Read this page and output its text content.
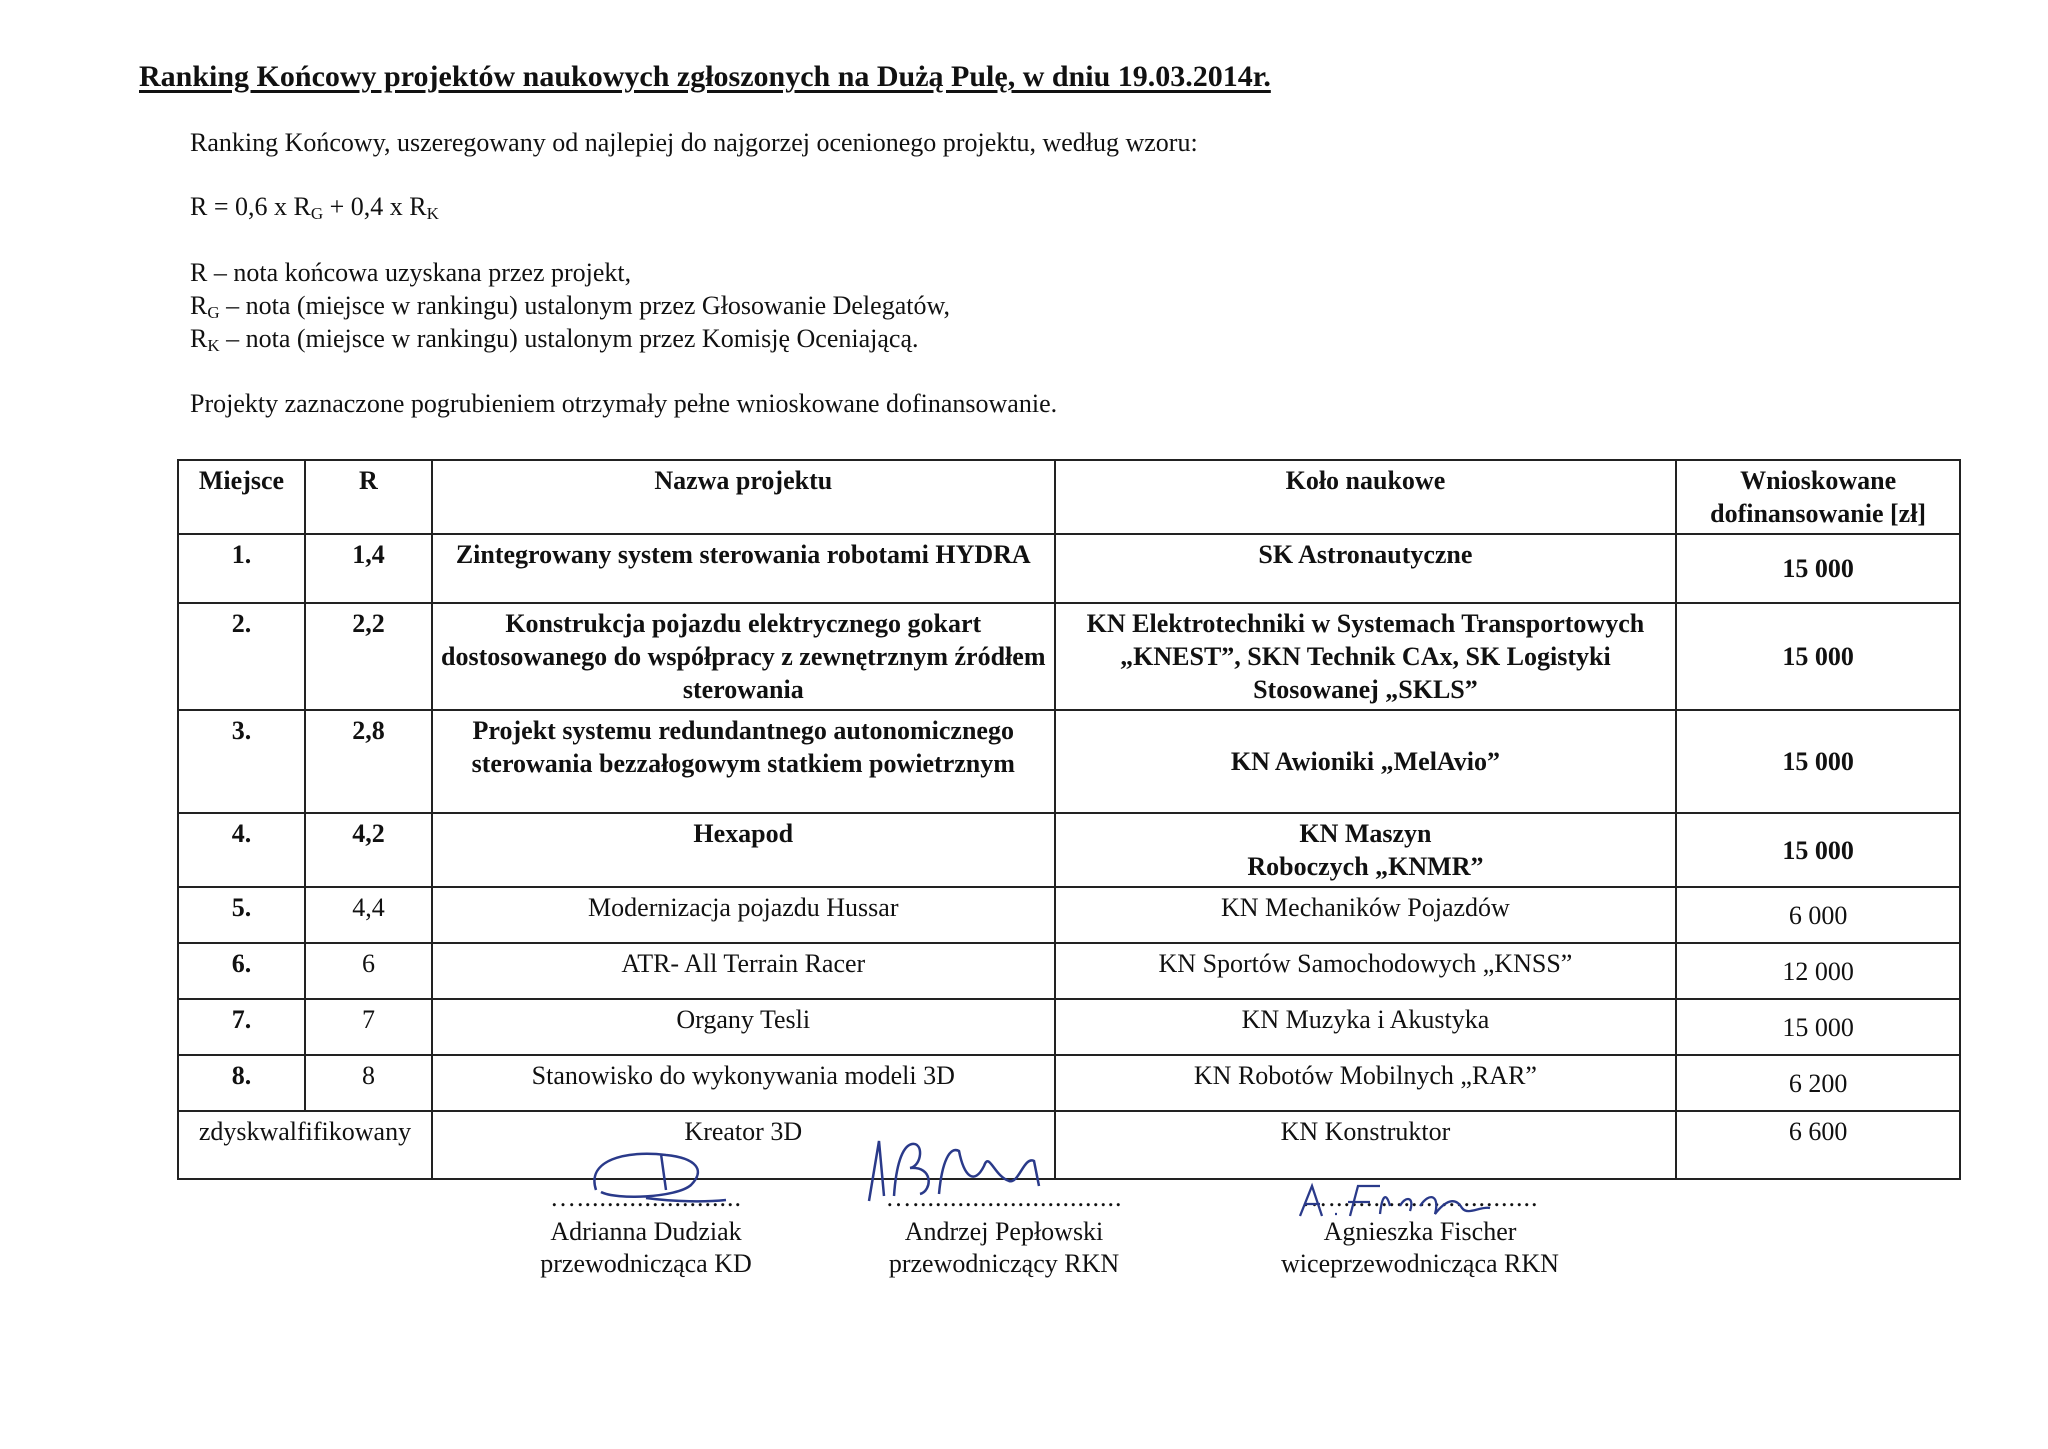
Ranking Końcowy projektów naukowych zgłoszonych na Dużą Pulę, w dniu 19.03.2014r.
Ranking Końcowy, uszeregowany od najlepiej do najgorzej ocenionego projektu, według wzoru:
R = 0,6 x $R_G + 0,4$ x $R_K$
R – nota końcowa uzyskana przez projekt,
$R_G$ – nota (miejsce w rankingu) ustalonym przez Głosowanie Delegatów,
$R_K$ – nota (miejsce w rankingu) ustalonym przez Komisję Oceniającą.
Projekty zaznaczone pogrubieniem otrzymały pełne wnioskowane dofinansowanie.
Miejsce	R	Nazwa projektu	Koło naukowe	Wnioskowane dofinansowanie [zł]
1.	1,4	Zintegrowany system sterowania robotami HYDRA	SK Astronautyczne	15 000
2.	2,2	Konstrukcja pojazdu elektrycznego gokart dostosowanego do współpracy z zewnętrznym źródłem sterowania	KN Elektrotechniki w Systemach Transportowych „KNEST”, SKN Technik CAx, SK Logistyki Stosowanej „SKLS”	15 000
3.	2,8	Projekt systemu redundantnego autonomicznego sterowania bezzałogowym statkiem powietrznym	KN Awioniki „MelAvio”	15 000
4.	4,2	Hexapod	KN Maszyn Roboczych „KNMR”	15 000
5.	4,4	Modernizacja pojazdu Hussar	KN Mechaników Pojazdów	6 000
6.	6	ATR- All Terrain Racer	KN Sportów Samochodowych „KNSS”	12 000
7.	7	Organy Tesli	KN Muzyka i Akustyka	15 000
8.	8	Stanowisko do wykonywania modeli 3D	KN Robotów Mobilnych „RAR”	6 200
zdyskwalfifikowany		Kreator 3D	KN Konstruktor	6 600
…......................
Adrianna Dudziak
przewodnicząca KD
…............................
Andrzej Pepłowski
przewodniczący RKN
…............................
Agnieszka Fischer
wiceprzewodnicząca RKN
